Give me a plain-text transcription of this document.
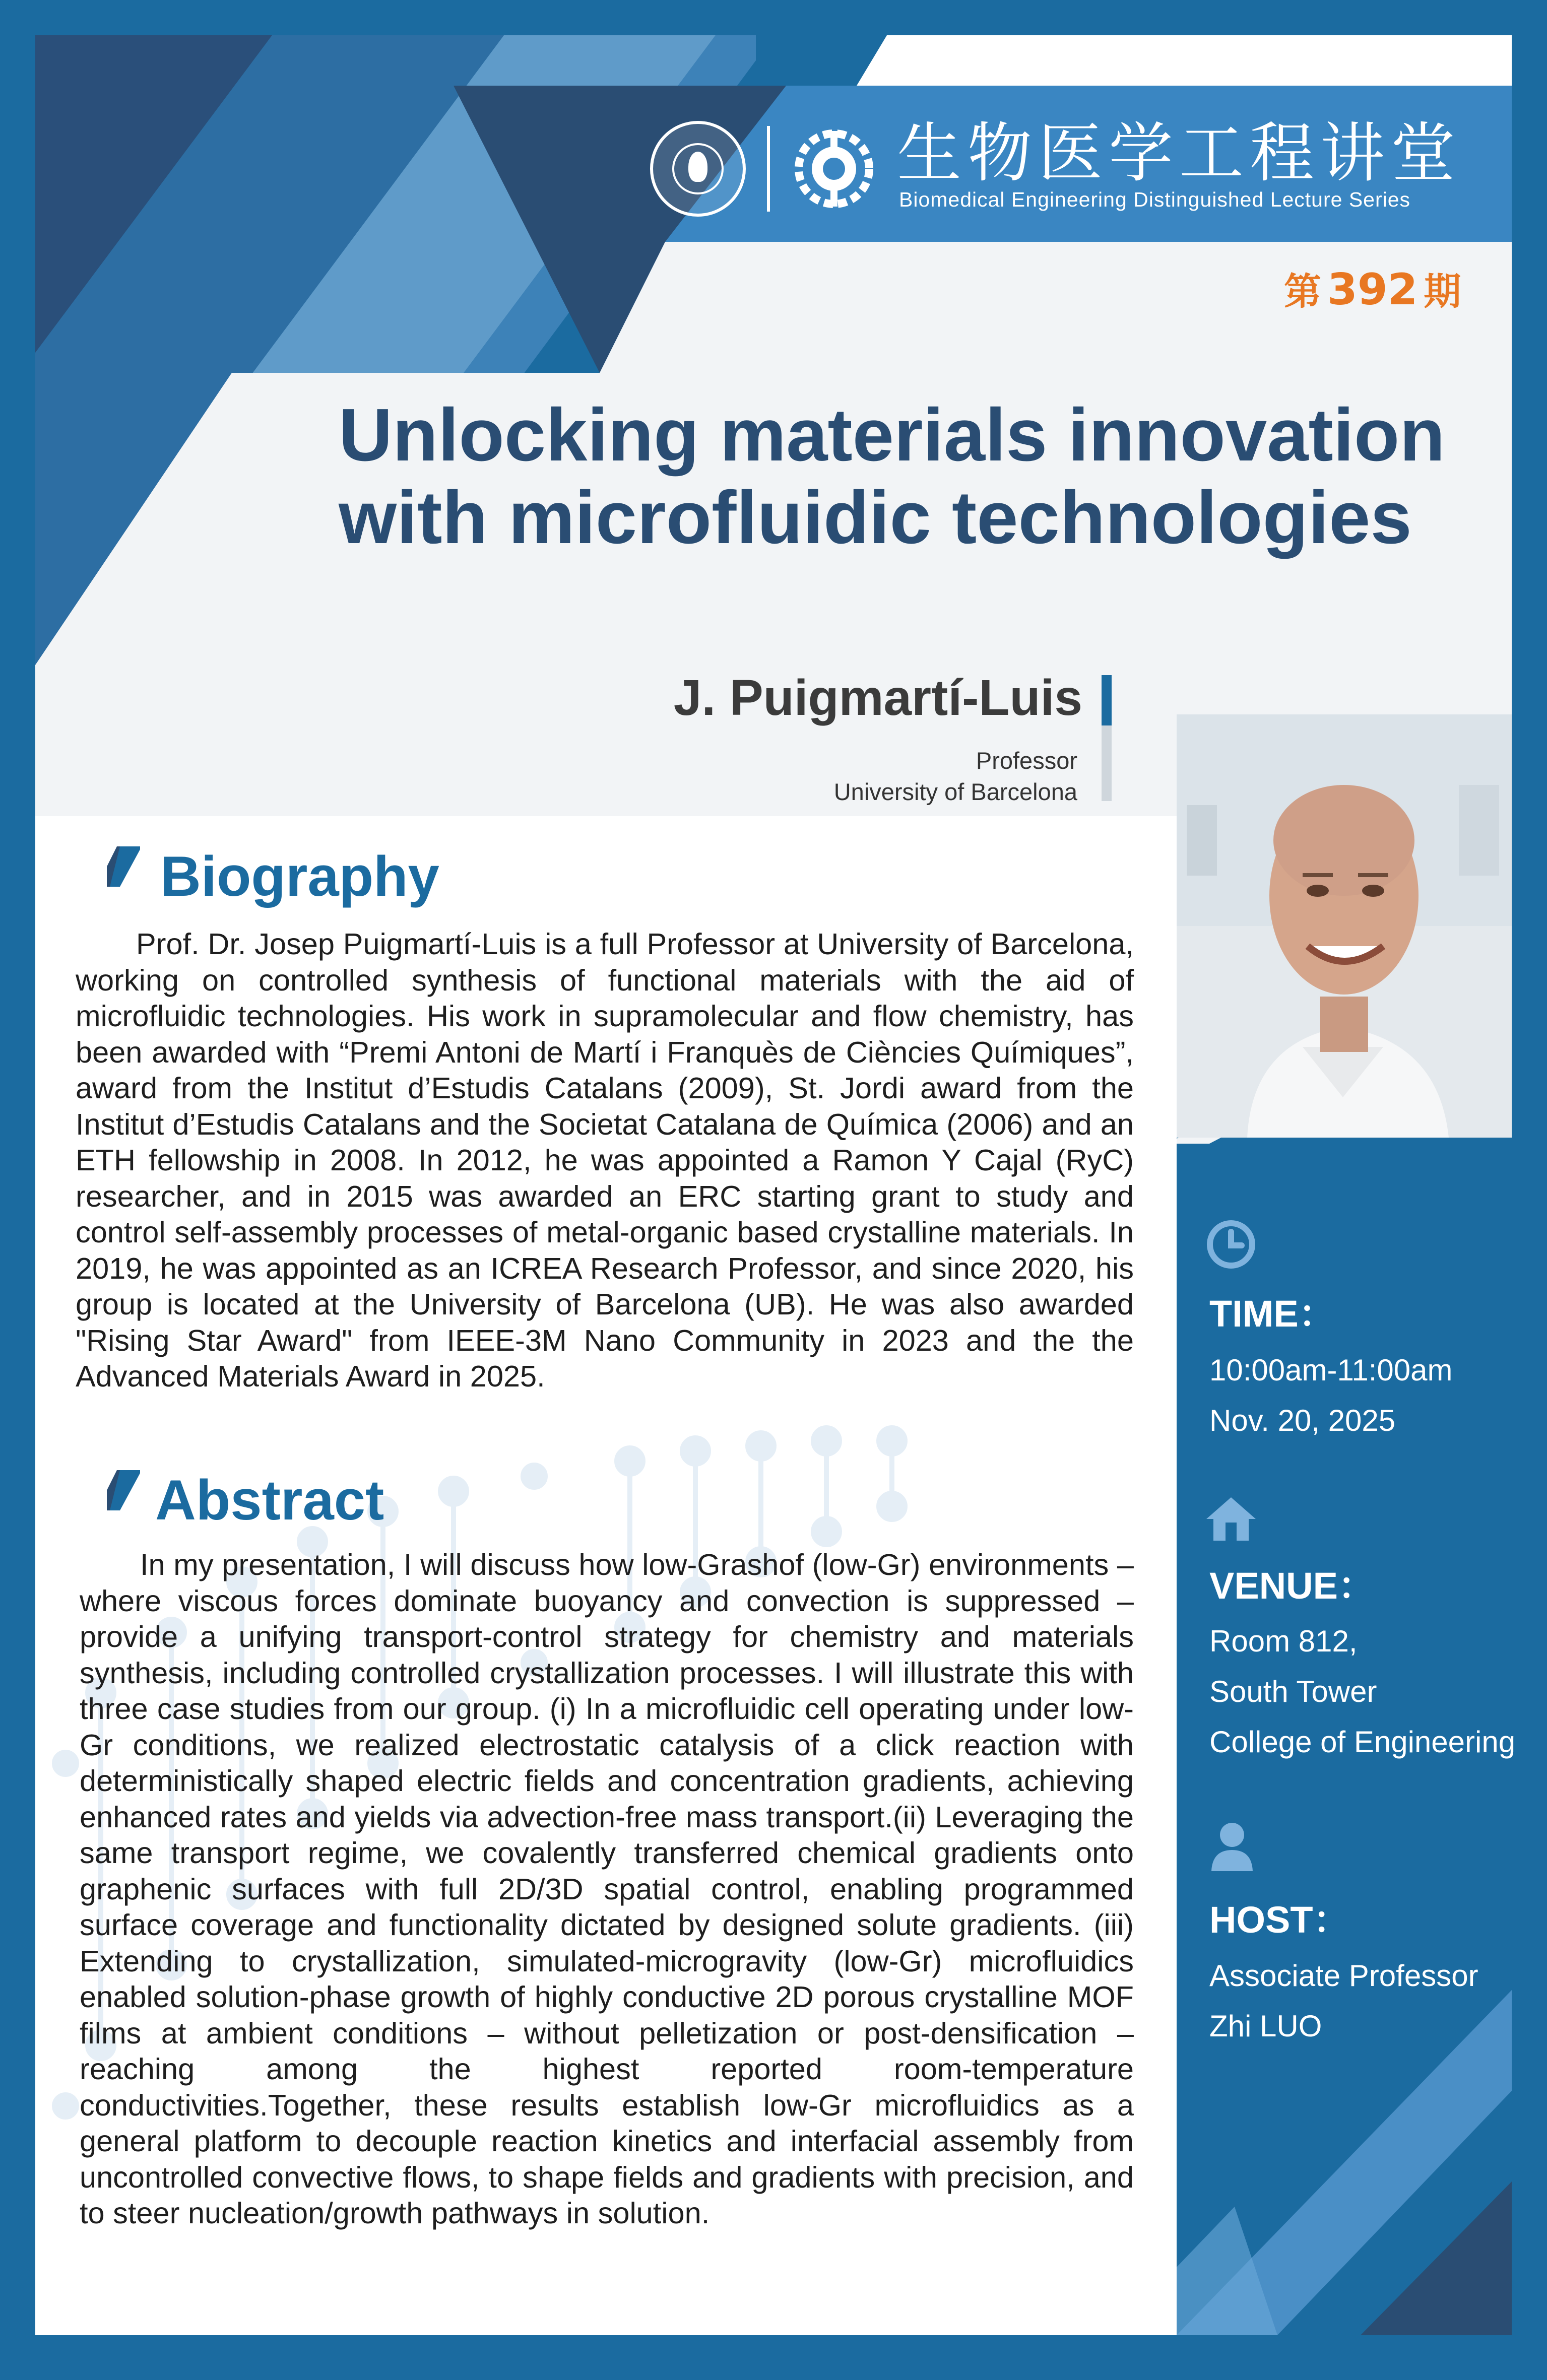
生物医学工程讲堂
Biomedical Engineering Distinguished Lecture Series
第 392 期
Unlocking materials innovation with microfluidic technologies
J. Puigmartí-Luis
Professor
University of Barcelona
Biography
Prof. Dr. Josep Puigmartí-Luis is a full Professor at University of Barcelona, working on controlled synthesis of functional materials with the aid of microfluidic technologies. His work in supramolecular and flow chemistry, has been awarded with “Premi Antoni de Martí i Franquès de Ciències Químiques”, award from the Institut d’Estudis Catalans (2009), St. Jordi award from the Institut d’Estudis Catalans and the Societat Catalana de Química (2006) and an ETH fellowship in 2008. In 2012, he was appointed a Ramon Y Cajal (RyC) researcher, and in 2015 was awarded an ERC starting grant to study and control self-assembly processes of metal-organic based crystalline materials. In 2019, he was appointed as an ICREA Research Professor, and since 2020, his group is located at the University of Barcelona (UB). He was also awarded "Rising Star Award" from IEEE-3M Nano Community in 2023 and the the Advanced Materials Award in 2025.
Abstract
In my presentation, I will discuss how low-Grashof (low-Gr) environments – where viscous forces dominate buoyancy and convection is suppressed – provide a unifying transport-control strategy for chemistry and materials synthesis, including controlled crystallization processes. I will illustrate this with three case studies from our group. (i) In a microfluidic cell operating under low-Gr conditions, we realized electrostatic catalysis of a click reaction with deterministically shaped electric fields and concentration gradients, achieving enhanced rates and yields via advection-free mass transport.(ii) Leveraging the same transport regime, we covalently transferred chemical gradients onto graphenic surfaces with full 2D/3D spatial control, enabling programmed surface coverage and functionality dictated by designed solute gradients. (iii) Extending to crystallization, simulated-microgravity (low-Gr) microfluidics enabled solution-phase growth of highly conductive 2D porous crystalline MOF films at ambient conditions – without pelletization or post-densification – reaching among the highest reported room-temperature conductivities.Together, these results establish low-Gr microfluidics as a general platform to decouple reaction kinetics and interfacial assembly from uncontrolled convective flows, to shape fields and gradients with precision, and to steer nucleation/growth pathways in solution.
TIME：
10:00am-11:00am
Nov. 20, 2025
VENUE：
Room 812,
South Tower
College of Engineering
HOST：
Associate Professor
Zhi LUO
